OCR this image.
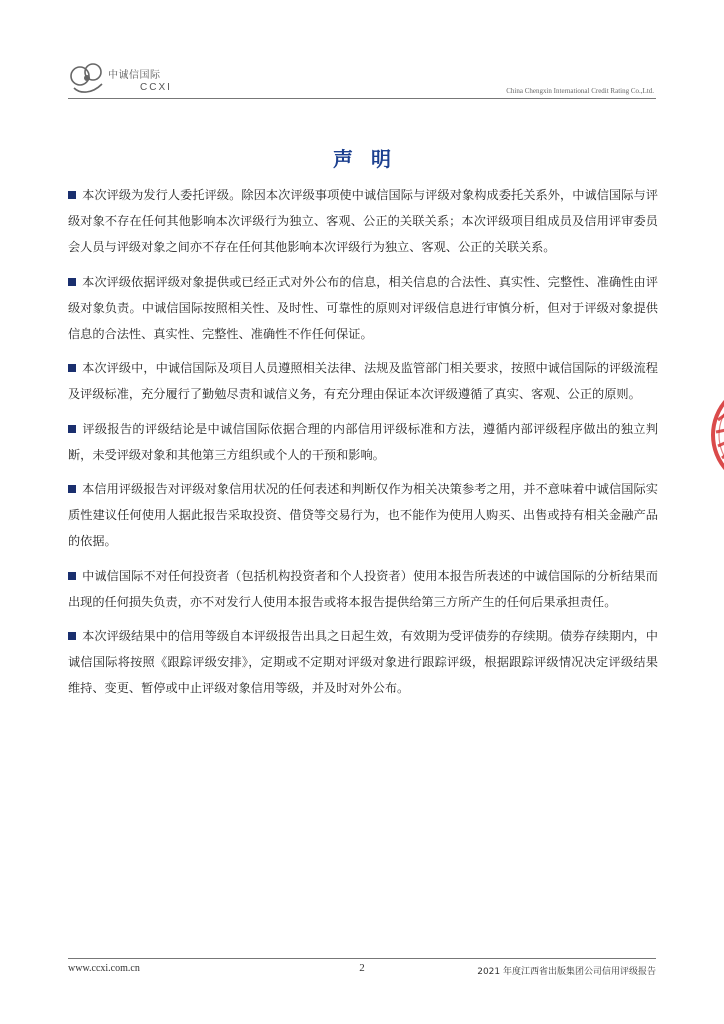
中诚信国际
CCXI	China Chengxin International Credit Rating Co.,Ltd.
声明

本次评级为发行人委托评级。除因本次评级事项使中诚信国际与评级对象构成委托关系外，中诚信国际与评级对象不存在任何其他影响本次评级行为独立、客观、公正的关联关系；本次评级项目组成员及信用评审委员会人员与评级对象之间亦不存在任何其他影响本次评级行为独立、客观、公正的关联关系。

本次评级依据评级对象提供或已经正式对外公布的信息，相关信息的合法性、真实性、完整性、准确性由评级对象负责。中诚信国际按照相关性、及时性、可靠性的原则对评级信息进行审慎分析，但对于评级对象提供信息的合法性、真实性、完整性、准确性不作任何保证。

本次评级中，中诚信国际及项目人员遵照相关法律、法规及监管部门相关要求，按照中诚信国际的评级流程及评级标准，充分履行了勤勉尽责和诚信义务，有充分理由保证本次评级遵循了真实、客观、公正的原则。

评级报告的评级结论是中诚信国际依据合理的内部信用评级标准和方法，遵循内部评级程序做出的独立判断，未受评级对象和其他第三方组织或个人的干预和影响。

本信用评级报告对评级对象信用状况的任何表述和判断仅作为相关决策参考之用，并不意味着中诚信国际实质性建议任何使用人据此报告采取投资、借贷等交易行为，也不能作为使用人购买、出售或持有相关金融产品的依据。

中诚信国际不对任何投资者（包括机构投资者和个人投资者）使用本报告所表述的中诚信国际的分析结果而出现的任何损失负责，亦不对发行人使用本报告或将本报告提供给第三方所产生的任何后果承担责任。

本次评级结果中的信用等级自本评级报告出具之日起生效，有效期为受评债券的存续期。债券存续期内，中诚信国际将按照《跟踪评级安排》，定期或不定期对评级对象进行跟踪评级，根据跟踪评级情况决定评级结果维持、变更、暂停或中止评级对象信用等级，并及时对外公布。

www.ccxi.com.cn	2	2021 年度江西省出版集团公司信用评级报告
